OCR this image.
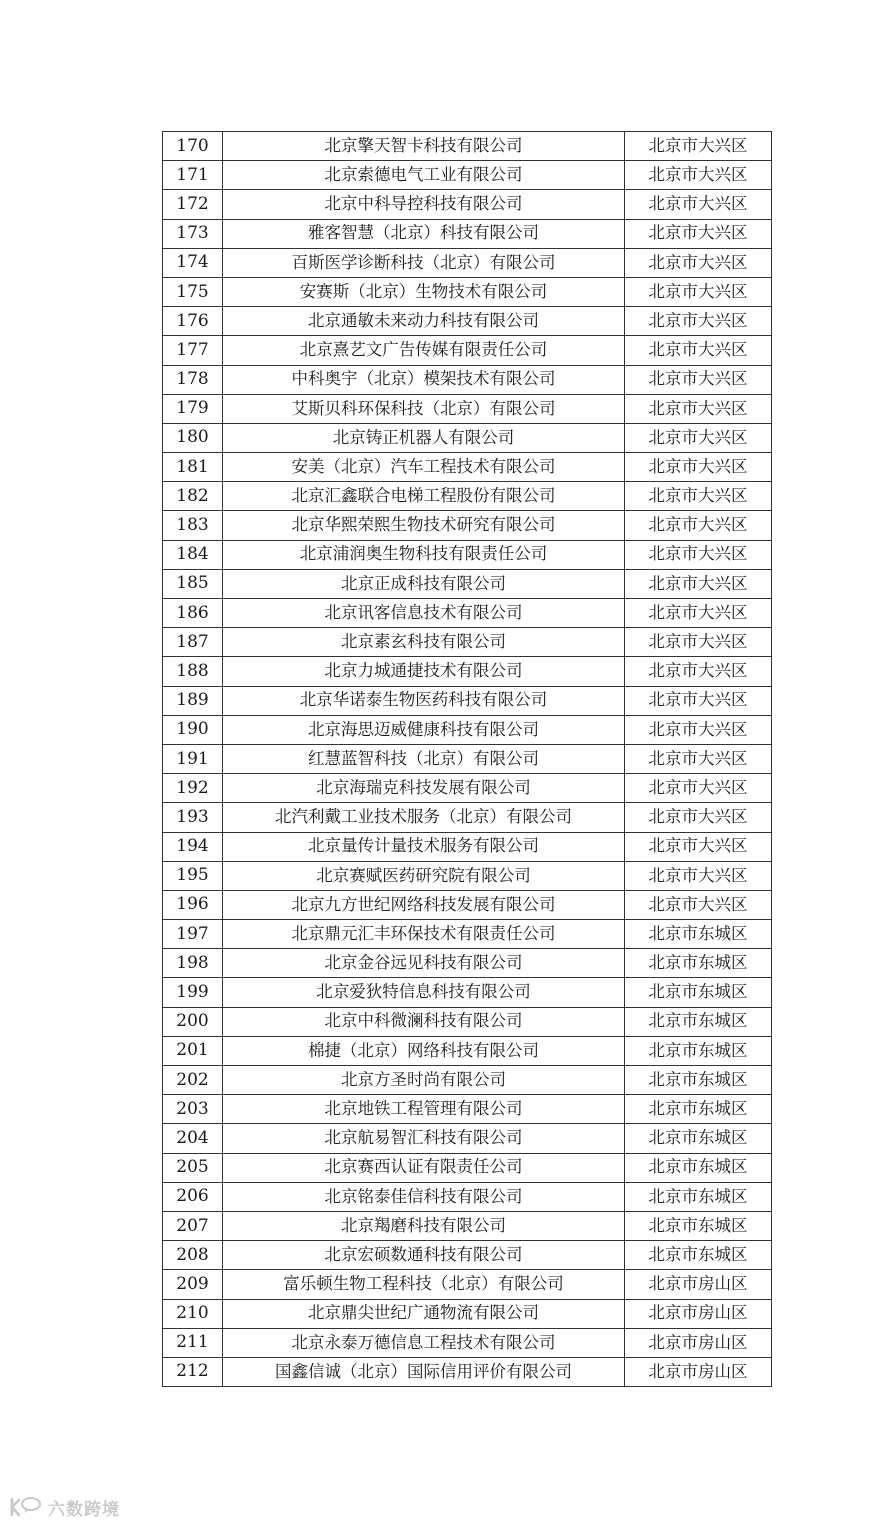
170	北京擎天智卡科技有限公司	北京市大兴区
171	北京索德电气工业有限公司	北京市大兴区
172	北京中科导控科技有限公司	北京市大兴区
173	雅客智慧（北京）科技有限公司	北京市大兴区
174	百斯医学诊断科技（北京）有限公司	北京市大兴区
175	安赛斯（北京）生物技术有限公司	北京市大兴区
176	北京通敏未来动力科技有限公司	北京市大兴区
177	北京熹艺文广告传媒有限责任公司	北京市大兴区
178	中科奥宇（北京）模架技术有限公司	北京市大兴区
179	艾斯贝科环保科技（北京）有限公司	北京市大兴区
180	北京铸正机器人有限公司	北京市大兴区
181	安美（北京）汽车工程技术有限公司	北京市大兴区
182	北京汇鑫联合电梯工程股份有限公司	北京市大兴区
183	北京华熙荣熙生物技术研究有限公司	北京市大兴区
184	北京浦润奥生物科技有限责任公司	北京市大兴区
185	北京正成科技有限公司	北京市大兴区
186	北京讯客信息技术有限公司	北京市大兴区
187	北京素玄科技有限公司	北京市大兴区
188	北京力城通捷技术有限公司	北京市大兴区
189	北京华诺泰生物医药科技有限公司	北京市大兴区
190	北京海思迈威健康科技有限公司	北京市大兴区
191	红慧蓝智科技（北京）有限公司	北京市大兴区
192	北京海瑞克科技发展有限公司	北京市大兴区
193	北汽利戴工业技术服务（北京）有限公司	北京市大兴区
194	北京量传计量技术服务有限公司	北京市大兴区
195	北京赛赋医药研究院有限公司	北京市大兴区
196	北京九方世纪网络科技发展有限公司	北京市大兴区
197	北京鼎元汇丰环保技术有限责任公司	北京市东城区
198	北京金谷远见科技有限公司	北京市东城区
199	北京爱狄特信息科技有限公司	北京市东城区
200	北京中科微澜科技有限公司	北京市东城区
201	棉捷（北京）网络科技有限公司	北京市东城区
202	北京方圣时尚有限公司	北京市东城区
203	北京地铁工程管理有限公司	北京市东城区
204	北京航易智汇科技有限公司	北京市东城区
205	北京赛西认证有限责任公司	北京市东城区
206	北京铭泰佳信科技有限公司	北京市东城区
207	北京羯磨科技有限公司	北京市东城区
208	北京宏硕数通科技有限公司	北京市东城区
209	富乐顿生物工程科技（北京）有限公司	北京市房山区
210	北京鼎尖世纪广通物流有限公司	北京市房山区
211	北京永泰万德信息工程技术有限公司	北京市房山区
212	国鑫信诚（北京）国际信用评价有限公司	北京市房山区
六数跨境
